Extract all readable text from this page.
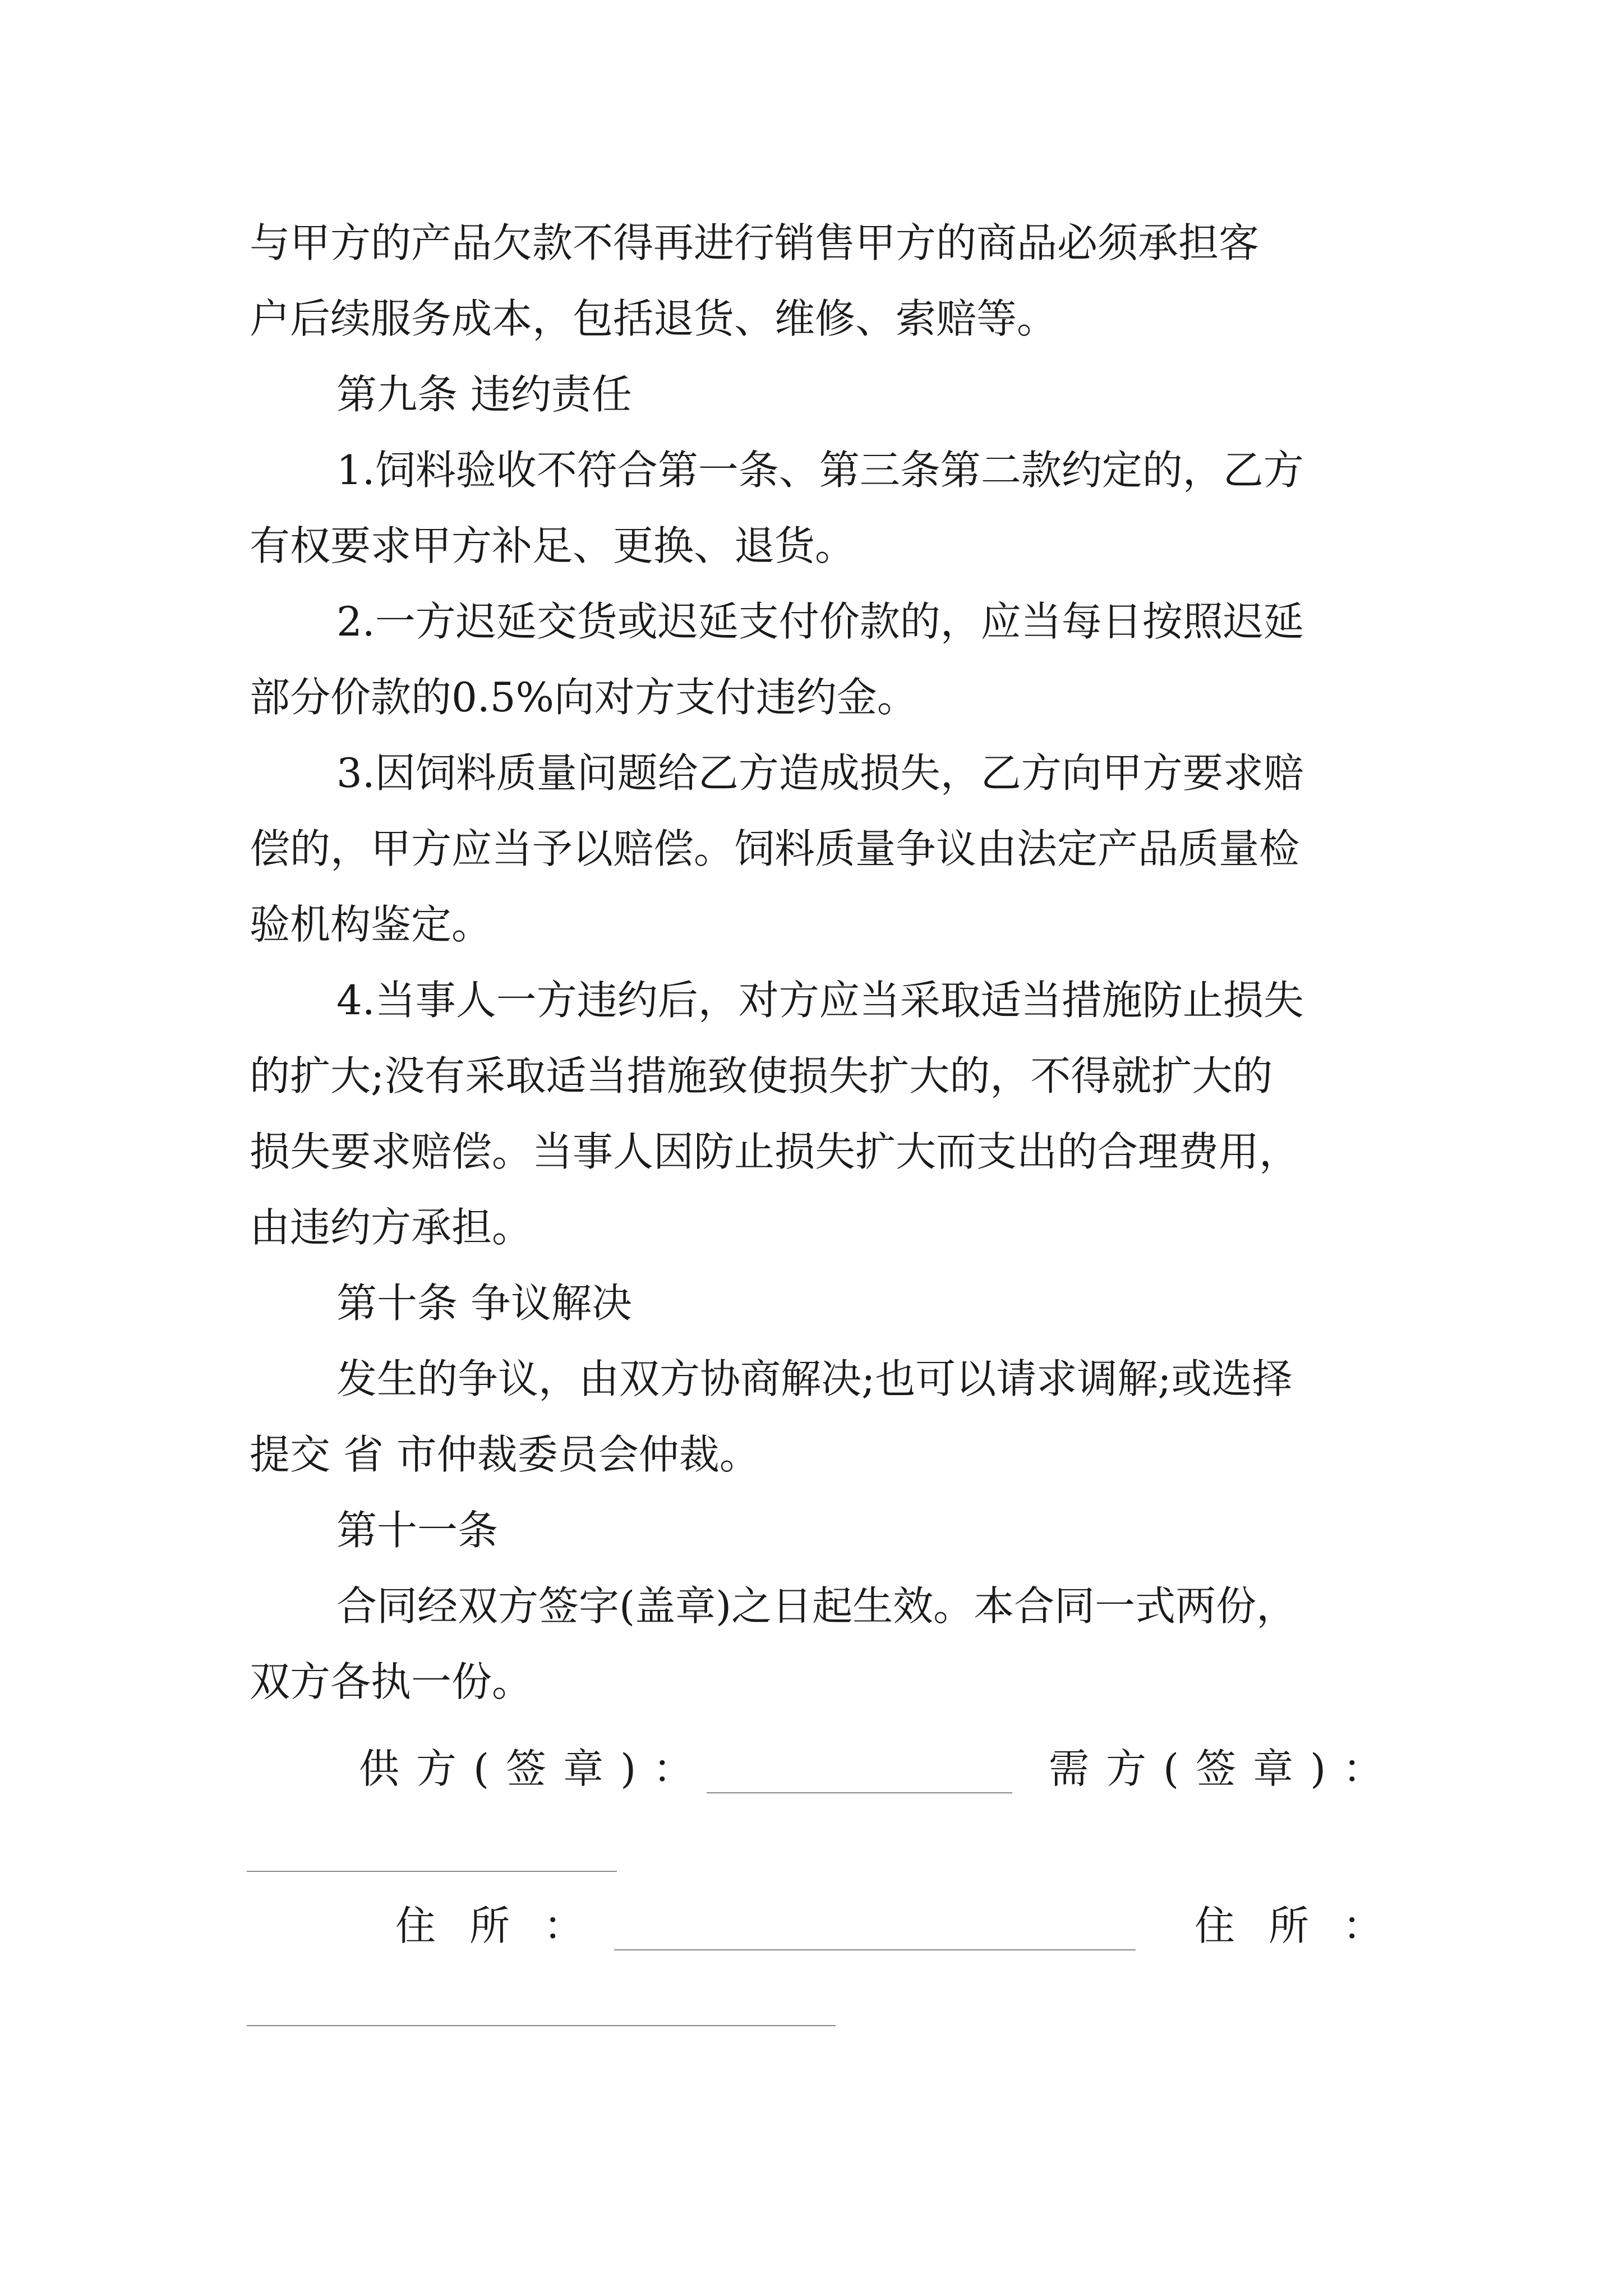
与甲方的产品欠款不得再进行销售甲方的商品必须承担客
户后续服务成本，包括退货、维修、索赔等。
第九条 违约责任
1.饲料验收不符合第一条、第三条第二款约定的，乙方
有权要求甲方补足、更换、退货。
2.一方迟延交货或迟延支付价款的，应当每日按照迟延
部分价款的0.5%向对方支付违约金。
3.因饲料质量问题给乙方造成损失，乙方向甲方要求赔
偿的，甲方应当予以赔偿。饲料质量争议由法定产品质量检
验机构鉴定。
4.当事人一方违约后，对方应当采取适当措施防止损失
的扩大;没有采取适当措施致使损失扩大的，不得就扩大的
损失要求赔偿。当事人因防止损失扩大而支出的合理费用，
由违约方承担。
第十条 争议解决
发生的争议，由双方协商解决;也可以请求调解;或选择
提交 省 市仲裁委员会仲裁。
第十一条
合同经双方签字(盖章)之日起生效。本合同一式两份，
双方各执一份。
供方(签章)：	需方(签章)：
住所：	住所：
